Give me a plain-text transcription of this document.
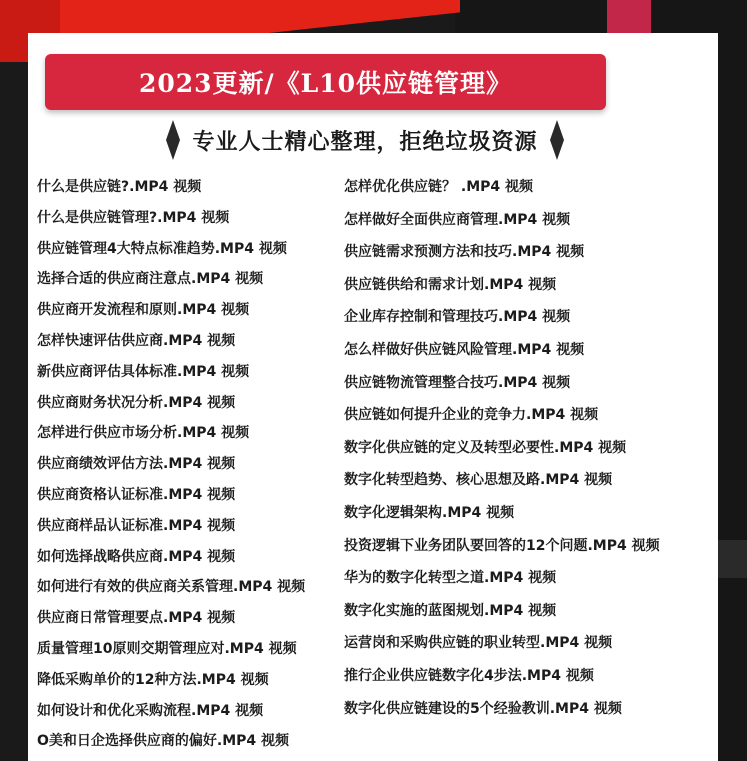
2023更新/《L10供应链管理》
专业人士精心整理，拒绝垃圾资源
什么是供应链?.MP4 视频
什么是供应链管理?.MP4 视频
供应链管理4大特点标准趋势.MP4 视频
选择合适的供应商注意点.MP4 视频
供应商开发流程和原则.MP4 视频
怎样快速评估供应商.MP4 视频
新供应商评估具体标准.MP4 视频
供应商财务状况分析.MP4 视频
怎样进行供应市场分析.MP4 视频
供应商绩效评估方法.MP4 视频
供应商资格认证标准.MP4 视频
供应商样品认证标准.MP4 视频
如何选择战略供应商.MP4 视频
如何进行有效的供应商关系管理.MP4 视频
供应商日常管理要点.MP4 视频
质量管理10原则交期管理应对.MP4 视频
降低采购单价的12种方法.MP4 视频
如何设计和优化采购流程.MP4 视频
O美和日企选择供应商的偏好.MP4 视频
怎样优化供应链？ .MP4 视频
怎样做好全面供应商管理.MP4 视频
供应链需求预测方法和技巧.MP4 视频
供应链供给和需求计划.MP4 视频
企业库存控制和管理技巧.MP4 视频
怎么样做好供应链风险管理.MP4 视频
供应链物流管理整合技巧.MP4 视频
供应链如何提升企业的竞争力.MP4 视频
数字化供应链的定义及转型必要性.MP4 视频
数字化转型趋势、核心思想及路.MP4 视频
数字化逻辑架构.MP4 视频
投资逻辑下业务团队要回答的12个问题.MP4 视频
华为的数字化转型之道.MP4 视频
数字化实施的蓝图规划.MP4 视频
运营岗和采购供应链的职业转型.MP4 视频
推行企业供应链数字化4步法.MP4 视频
数字化供应链建设的5个经验教训.MP4 视频
